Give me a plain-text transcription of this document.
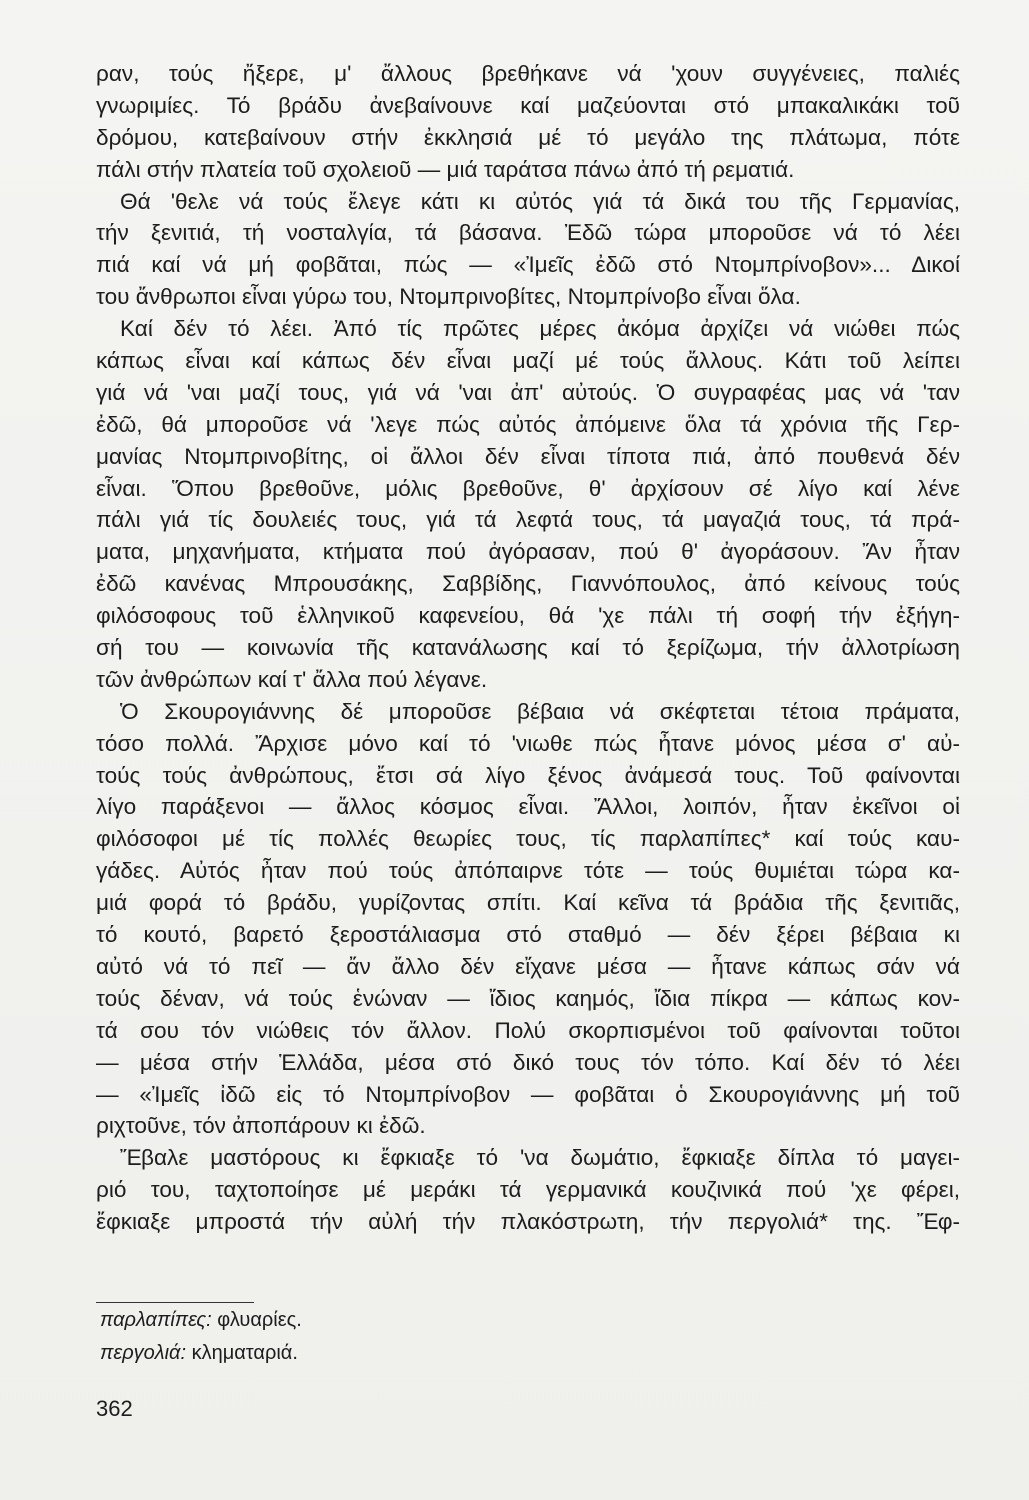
ραν, τούς ἤξερε, μ' ἄλλους βρεθήκανε νά 'χουν συγγένειες, παλιές
γνωριμίες. Τό βράδυ ἀνεβαίνουνε καί μαζεύονται στό μπακαλικάκι τοῦ
δρόμου, κατεβαίνουν στήν ἐκκλησιά μέ τό μεγάλο της πλάτωμα, πότε
πάλι στήν πλατεία τοῦ σχολειοῦ — μιά ταράτσα πάνω ἀπό τή ρεματιά.
Θά 'θελε νά τούς ἔλεγε κάτι κι αὐτός γιά τά δικά του τῆς Γερμανίας,
τήν ξενιτιά, τή νοσταλγία, τά βάσανα. Ἐδῶ τώρα μποροῦσε νά τό λέει
πιά καί νά μή φοβᾶται, πώς — «Ἰμεῖς ἐδῶ στό Ντομπρίνοβον»... Δικοί
του ἄνθρωποι εἶναι γύρω του, Ντομπρινοβίτες, Ντομπρίνοβο εἶναι ὅλα.
Καί δέν τό λέει. Ἀπό τίς πρῶτες μέρες ἀκόμα ἀρχίζει νά νιώθει πώς
κάπως εἶναι καί κάπως δέν εἶναι μαζί μέ τούς ἄλλους. Κάτι τοῦ λείπει
γιά νά 'ναι μαζί τους, γιά νά 'ναι ἀπ' αὐτούς. Ὁ συγραφέας μας νά 'ταν
ἐδῶ, θά μποροῦσε νά 'λεγε πώς αὐτός ἀπόμεινε ὅλα τά χρόνια τῆς Γερ-
μανίας Ντομπρινοβίτης, οἱ ἄλλοι δέν εἶναι τίποτα πιά, ἀπό πουθενά δέν
εἶναι. Ὅπου βρεθοῦνε, μόλις βρεθοῦνε, θ' ἀρχίσουν σέ λίγο καί λένε
πάλι γιά τίς δουλειές τους, γιά τά λεφτά τους, τά μαγαζιά τους, τά πρά-
ματα, μηχανήματα, κτήματα πού ἀγόρασαν, πού θ' ἀγοράσουν. Ἄν ἦταν
ἐδῶ κανένας Μπρουσάκης, Σαββίδης, Γιαννόπουλος, ἀπό κείνους τούς
φιλόσοφους τοῦ ἑλληνικοῦ καφενείου, θά 'χε πάλι τή σοφή τήν ἐξήγη-
σή του — κοινωνία τῆς κατανάλωσης καί τό ξερίζωμα, τήν ἀλλοτρίωση
τῶν ἀνθρώπων καί τ' ἄλλα πού λέγανε.
Ὁ Σκουρογιάννης δέ μποροῦσε βέβαια νά σκέφτεται τέτοια πράματα,
τόσο πολλά. Ἄρχισε μόνο καί τό 'νιωθε πώς ἦτανε μόνος μέσα σ' αὐ-
τούς τούς ἀνθρώπους, ἔτσι σά λίγο ξένος ἀνάμεσά τους. Τοῦ φαίνονται
λίγο παράξενοι — ἄλλος κόσμος εἶναι. Ἄλλοι, λοιπόν, ἦταν ἐκεῖνοι οἱ
φιλόσοφοι μέ τίς πολλές θεωρίες τους, τίς παρλαπίπες* καί τούς καυ-
γάδες. Αὐτός ἦταν πού τούς ἀπόπαιρνε τότε — τούς θυμιέται τώρα κα-
μιά φορά τό βράδυ, γυρίζοντας σπίτι. Καί κεῖνα τά βράδια τῆς ξενιτιᾶς,
τό κουτό, βαρετό ξεροστάλιασμα στό σταθμό — δέν ξέρει βέβαια κι
αὐτό νά τό πεῖ — ἄν ἄλλο δέν εἴχανε μέσα — ἦτανε κάπως σάν νά
τούς δέναν, νά τούς ἑνώναν — ἴδιος καημός, ἴδια πίκρα — κάπως κον-
τά σου τόν νιώθεις τόν ἄλλον. Πολύ σκορπισμένοι τοῦ φαίνονται τοῦτοι
— μέσα στήν Ἑλλάδα, μέσα στό δικό τους τόν τόπο. Καί δέν τό λέει
— «Ἰμεῖς ἰδῶ εἰς τό Ντομπρίνοβον — φοβᾶται ὁ Σκουρογιάννης μή τοῦ
ριχτοῦνε, τόν ἀποπάρουν κι ἐδῶ.
Ἔβαλε μαστόρους κι ἔφκιαξε τό 'να δωμάτιο, ἔφκιαξε δίπλα τό μαγει-
ριό του, ταχτοποίησε μέ μεράκι τά γερμανικά κουζινικά πού 'χε φέρει,
ἔφκιαξε μπροστά τήν αὐλή τήν πλακόστρωτη, τήν περγολιά* της. Ἔφ-
παρλαπίπες: φλυαρίες.
περγολιά: κληματαριά.
362
